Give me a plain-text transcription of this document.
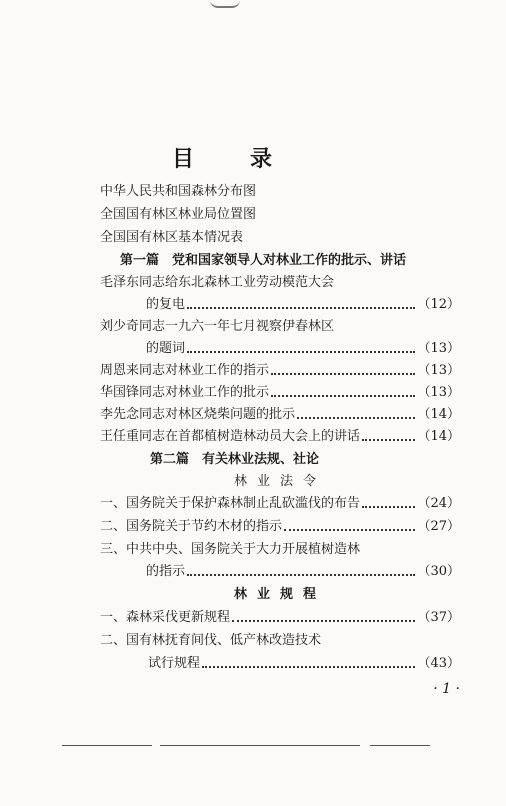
目录
中华人民共和国森林分布图
全国国有林区林业局位置图
全国国有林区基本情况表
第一篇　党和国家领导人对林业工作的批示、讲话
毛泽东同志给东北森林工业劳动模范大会
的复电	（12）
刘少奇同志一九六一年七月视察伊春林区
的题词	（13）
周恩来同志对林业工作的指示	（13）
华国锋同志对林业工作的批示	（13）
李先念同志对林区烧柴问题的批示	（14）
王任重同志在首都植树造林动员大会上的讲话	（14）
第二篇　有关林业法规、社论
林业法令
一、国务院关于保护森林制止乱砍滥伐的布告	（24）
二、国务院关于节约木材的指示	（27）
三、中共中央、国务院关于大力开展植树造林
的指示	（30）
林业规程
一、森林采伐更新规程	（37）
二、国有林抚育间伐、低产林改造技术
试行规程	（43）
· 1 ·
